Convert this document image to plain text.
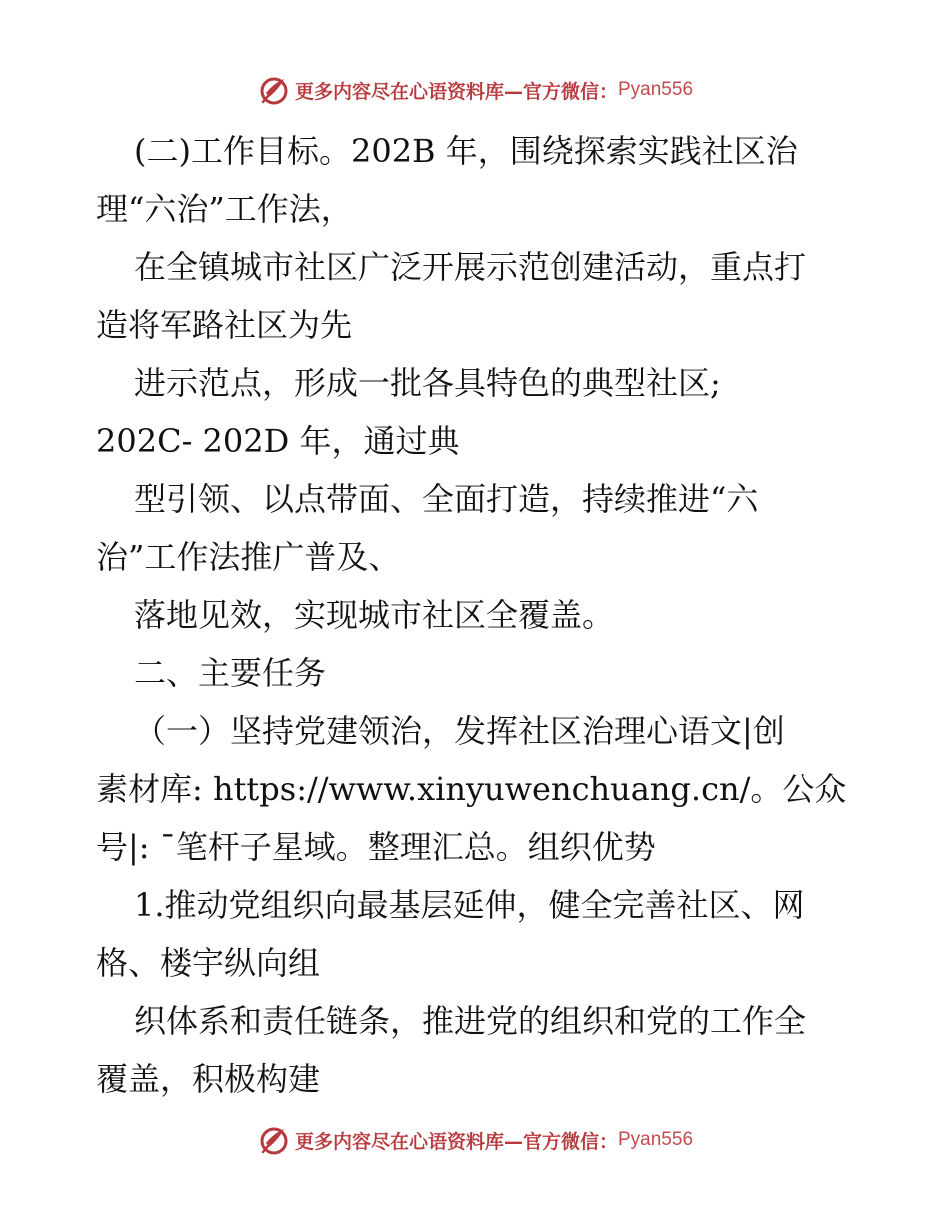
更多内容尽在心语资料库—官方微信： Pyan556
(二)工作目标。202B 年，围绕探索实践社区治
理“六治”工作法，
在全镇城市社区广泛开展示范创建活动，重点打
造将军路社区为先
进示范点，形成一批各具特色的典型社区;
202C- 202D 年，通过典
型引领、以点带面、全面打造，持续推进“六
治”工作法推广普及、
落地见效，实现城市社区全覆盖。
二、主要任务
（一）坚持党建领治，发挥社区治理心语文|创
素材库: https://www.xinyuwenchuang.cn/。公众
号|: ¯笔杆子星域。整理汇总。组织优势
1.推动党组织向最基层延伸，健全完善社区、网
格、楼宇纵向组
织体系和责任链条，推进党的组织和党的工作全
覆盖，积极构建
更多内容尽在心语资料库—官方微信： Pyan556
